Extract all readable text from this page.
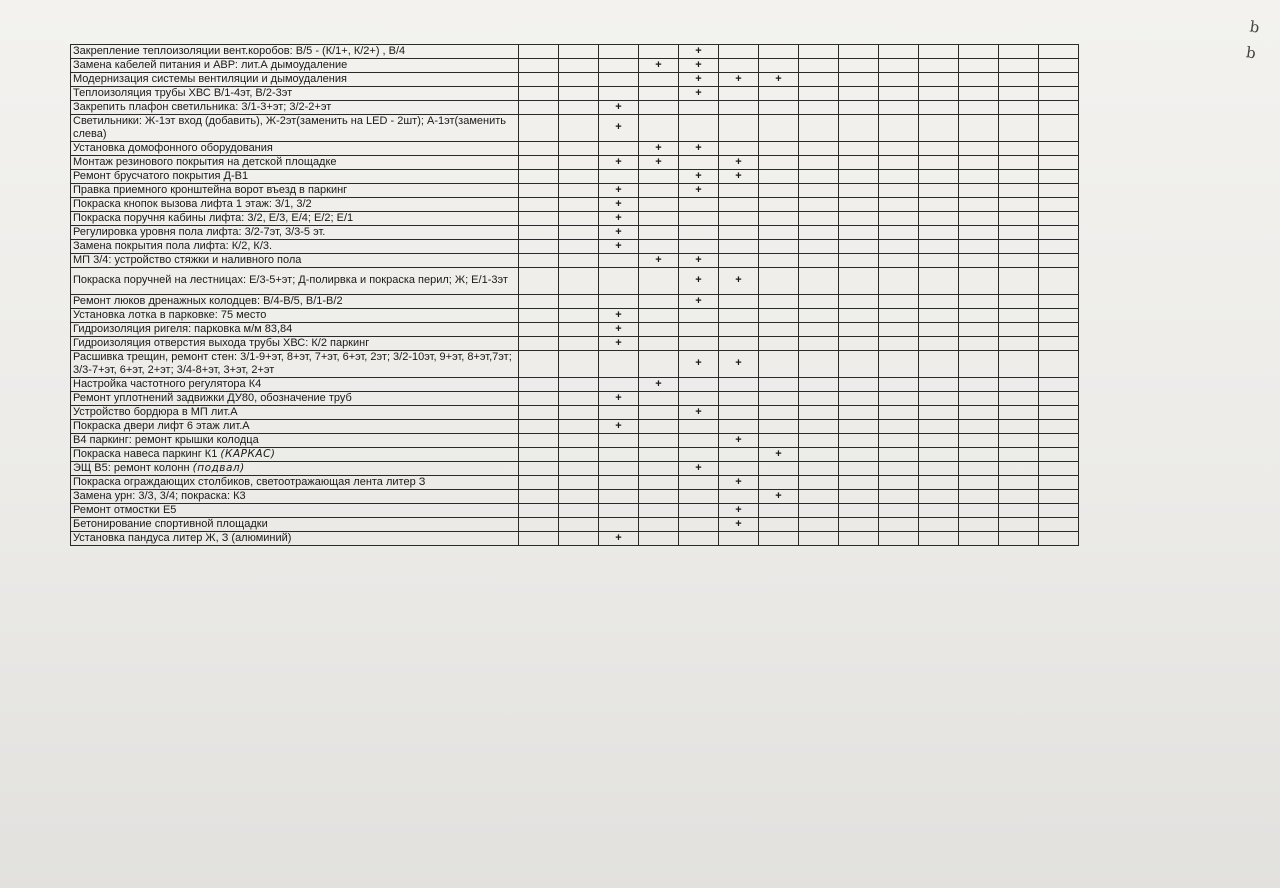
Закрепление теплоизоляции вент.коробов: В/5 - (К/1+, К/2+) , В/4					+									
Замена кабелей питания и АВР: лит.А дымоудаление				+	+									
Модернизация системы вентиляции и дымоудаления					+	+	+							
Теплоизоляция трубы ХВС В/1-4эт, В/2-3эт					+									
Закрепить плафон светильника: 3/1-3+эт; 3/2-2+эт			+											
Светильники: Ж-1эт вход (добавить), Ж-2эт(заменить на LED - 2шт); А-1эт(заменить слева)			+											
Установка домофонного оборудования				+	+									
Монтаж резинового покрытия на детской площадке			+	+		+								
Ремонт брусчатого покрытия Д-В1					+	+								
Правка приемного кронштейна ворот въезд в паркинг			+		+									
Покраска кнопок вызова лифта 1 этаж: 3/1, 3/2			+											
Покраска поручня кабины лифта: 3/2, Е/3, Е/4; Е/2; Е/1			+											
Регулировка уровня пола лифта: 3/2-7эт, 3/3-5 эт.			+											
Замена покрытия пола лифта: К/2, К/3.			+											
МП 3/4: устройство стяжки и наливного пола				+	+									
Покраска поручней на лестницах: Е/3-5+эт; Д-полирвка и покраска перил; Ж; Е/1-3эт					+	+								
Ремонт люков дренажных колодцев: В/4-В/5, В/1-В/2					+									
Установка лотка в парковке: 75 место			+											
Гидроизоляция ригеля: парковка м/м 83,84			+											
Гидроизоляция отверстия выхода трубы ХВС: К/2 паркинг			+											
Расшивка трещин, ремонт стен: 3/1-9+эт, 8+эт, 7+эт, 6+эт, 2эт; 3/2-10эт, 9+эт, 8+эт,7эт; 3/3-7+эт, 6+эт, 2+эт; 3/4-8+эт, 3+эт, 2+эт					+	+								
Настройка частотного регулятора К4				+										
Ремонт уплотнений задвижки ДУ80, обозначение труб			+											
Устройство бордюра в МП лит.А					+									
Покраска двери лифт 6 этаж лит.А			+											
В4 паркинг: ремонт крышки колодца						+								
Покраска навеса паркинг К1 (КАРКАС)							+							
ЭЩ В5: ремонт колонн (подвал)					+									
Покраска ограждающих столбиков, светоотражающая лента литер З						+								
Замена урн: 3/3, 3/4; покраска: К3							+							
Ремонт отмостки Е5						+								
Бетонирование спортивной площадки						+								
Установка пандуса литер Ж, З (алюминий)			+											
b
b
